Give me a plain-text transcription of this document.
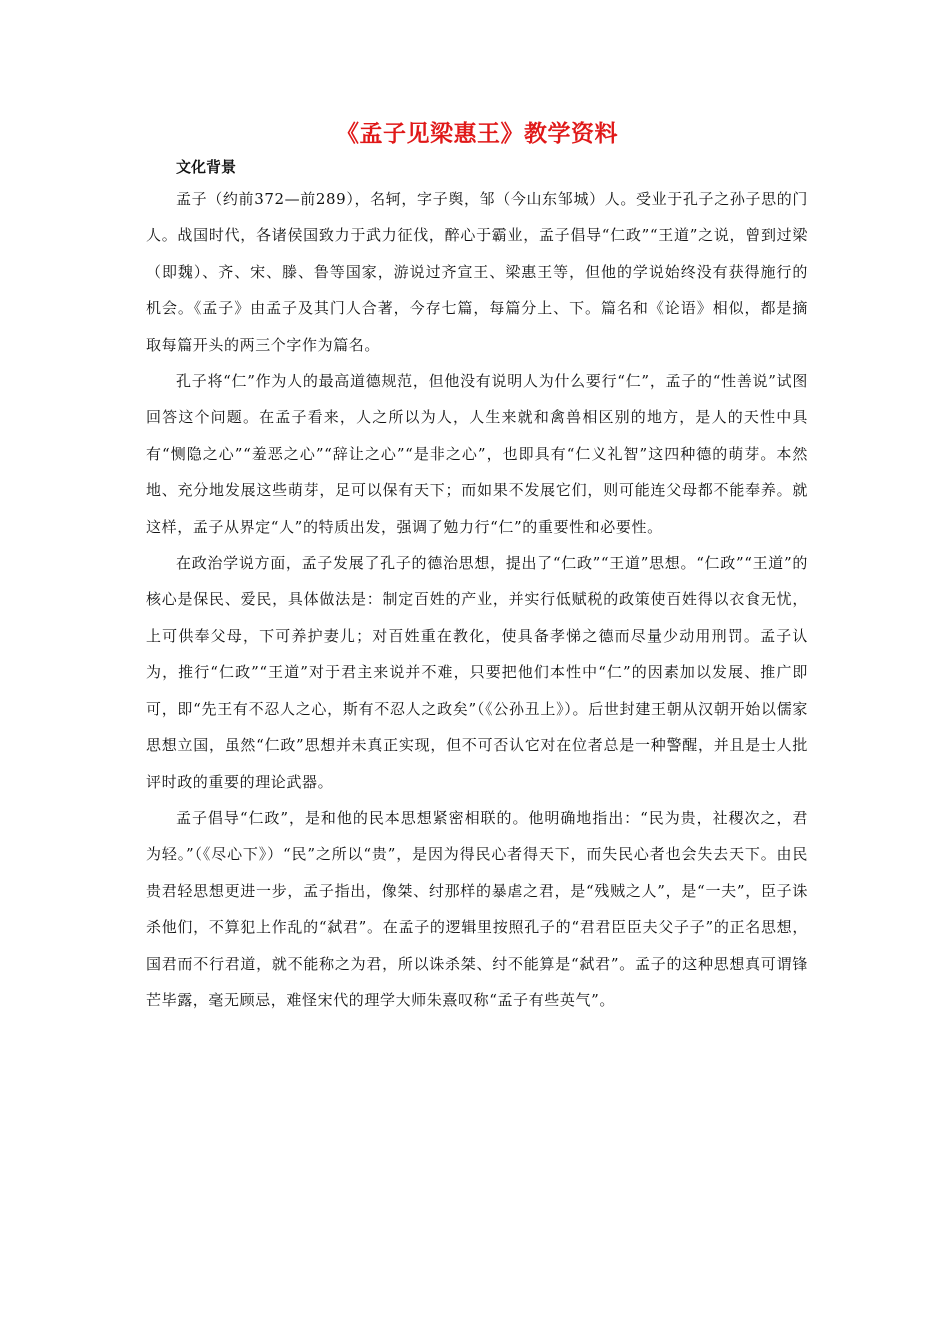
《孟子见梁惠王》教学资料
文化背景

孟子（约前372—前289），名轲，字子舆，邹（今山东邹城）人。受业于孔子之孙子思的门人。战国时代，各诸侯国致力于武力征伐，醉心于霸业，孟子倡导“仁政”“王道”之说，曾到过梁（即魏）、齐、宋、滕、鲁等国家，游说过齐宣王、梁惠王等，但他的学说始终没有获得施行的机会。《孟子》由孟子及其门人合著，今存七篇，每篇分上、下。篇名和《论语》相似，都是摘取每篇开头的两三个字作为篇名。

孔子将“仁”作为人的最高道德规范，但他没有说明人为什么要行“仁”，孟子的“性善说”试图回答这个问题。在孟子看来，人之所以为人，人生来就和禽兽相区别的地方，是人的天性中具有“恻隐之心”“羞恶之心”“辞让之心”“是非之心”，也即具有“仁义礼智”这四种德的萌芽。本然地、充分地发展这些萌芽，足可以保有天下；而如果不发展它们，则可能连父母都不能奉养。就这样，孟子从界定“人”的特质出发，强调了勉力行“仁”的重要性和必要性。

在政治学说方面，孟子发展了孔子的德治思想，提出了“仁政”“王道”思想。“仁政”“王道”的核心是保民、爱民，具体做法是：制定百姓的产业，并实行低赋税的政策使百姓得以衣食无忧，上可供奉父母，下可养护妻儿；对百姓重在教化，使具备孝悌之德而尽量少动用刑罚。孟子认为，推行“仁政”“王道”对于君主来说并不难，只要把他们本性中“仁”的因素加以发展、推广即可，即“先王有不忍人之心，斯有不忍人之政矣”（《公孙丑上》）。后世封建王朝从汉朝开始以儒家思想立国，虽然“仁政”思想并未真正实现，但不可否认它对在位者总是一种警醒，并且是士人批评时政的重要的理论武器。

孟子倡导“仁政”，是和他的民本思想紧密相联的。他明确地指出：“民为贵，社稷次之，君为轻。”（《尽心下》）“民”之所以“贵”，是因为得民心者得天下，而失民心者也会失去天下。由民贵君轻思想更进一步，孟子指出，像桀、纣那样的暴虐之君，是“残贼之人”，是“一夫”，臣子诛杀他们，不算犯上作乱的“弑君”。在孟子的逻辑里按照孔子的“君君臣臣夫父子子”的正名思想，国君而不行君道，就不能称之为君，所以诛杀桀、纣不能算是“弑君”。孟子的这种思想真可谓锋芒毕露，毫无顾忌，难怪宋代的理学大师朱熹叹称“孟子有些英气”。
